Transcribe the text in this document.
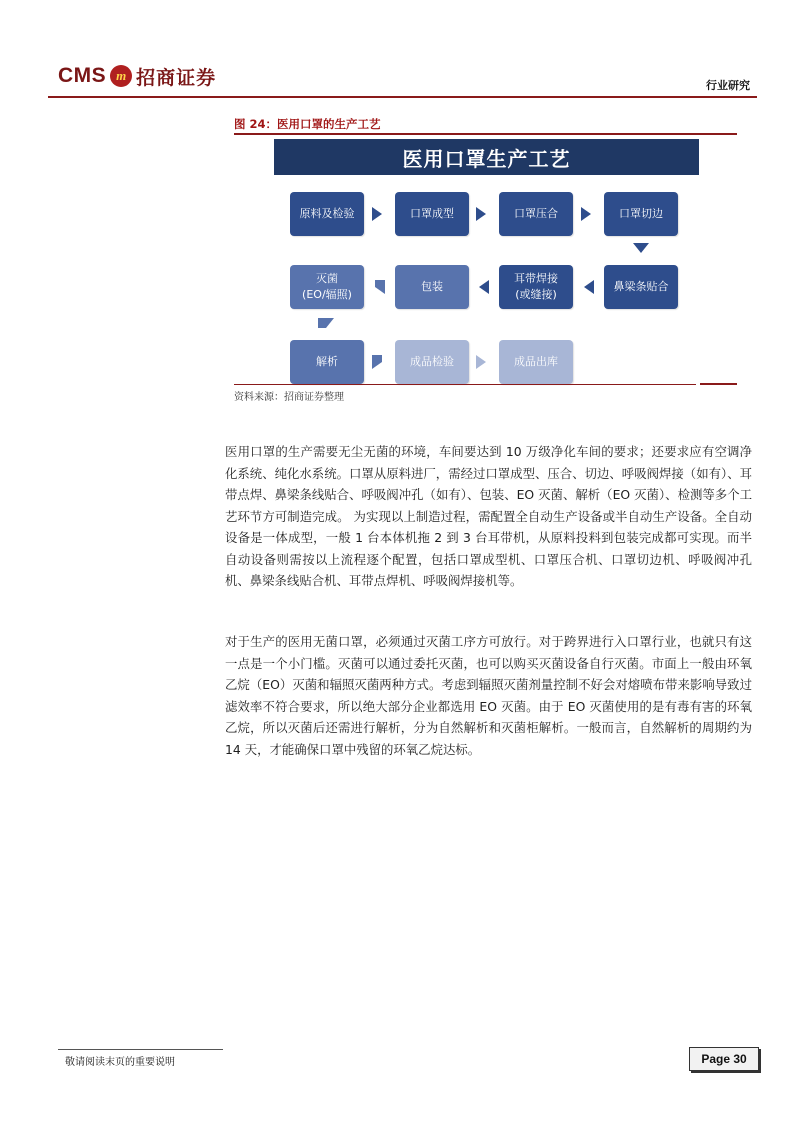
CMS m 招商证券	行业研究
图 24：医用口罩的生产工艺
医用口罩生产工艺
原料及检验	口罩成型	口罩压合	口罩切边
灭菌
(EO/辐照)
包装
耳带焊接
(或缝接)
鼻梁条贴合
解析	成品检验	成品出库
资料来源：招商证券整理
医用口罩的生产需要无尘无菌的环境，车间要达到 10 万级净化车间的要求；还要求应有空调净化系统、纯化水系统。口罩从原料进厂，需经过口罩成型、压合、切边、呼吸阀焊接（如有）、耳带点焊、鼻梁条线贴合、呼吸阀冲孔（如有）、包装、EO 灭菌、解析（EO 灭菌）、检测等多个工艺环节方可制造完成。 为实现以上制造过程，需配置全自动生产设备或半自动生产设备。全自动设备是一体成型，一般 1 台本体机拖 2 到 3 台耳带机，从原料投料到包装完成都可实现。而半自动设备则需按以上流程逐个配置，包括口罩成型机、口罩压合机、口罩切边机、呼吸阀冲孔机、鼻梁条线贴合机、耳带点焊机、呼吸阀焊接机等。
对于生产的医用无菌口罩，必须通过灭菌工序方可放行。对于跨界进行入口罩行业，也就只有这一点是一个小门槛。灭菌可以通过委托灭菌，也可以购买灭菌设备自行灭菌。市面上一般由环氧乙烷（EO）灭菌和辐照灭菌两种方式。考虑到辐照灭菌剂量控制不好会对熔喷布带来影响导致过滤效率不符合要求，所以绝大部分企业都选用 EO 灭菌。由于 EO 灭菌使用的是有毒有害的环氧乙烷，所以灭菌后还需进行解析，分为自然解析和灭菌柜解析。一般而言，自然解析的周期约为 14 天，才能确保口罩中残留的环氧乙烷达标。
敬请阅读末页的重要说明	Page 30
